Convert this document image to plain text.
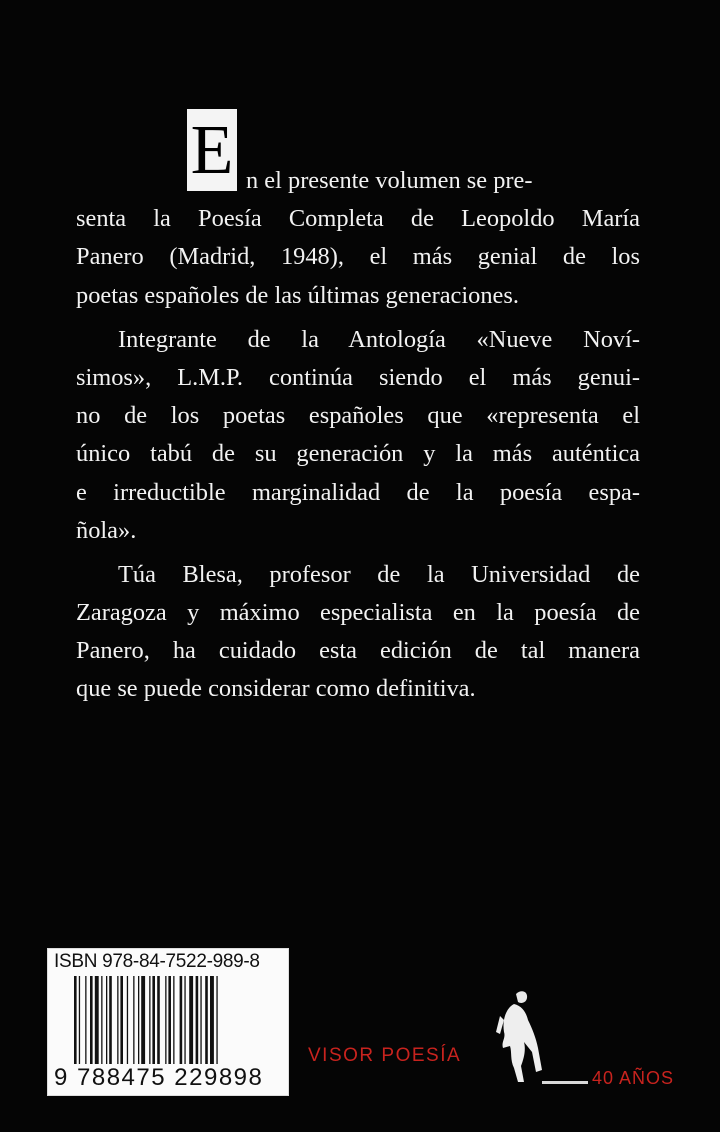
E n el presente volumen se pre-
senta la Poesía Completa de Leopoldo María
Panero (Madrid, 1948), el más genial de los
poetas españoles de las últimas generaciones.
Integrante de la Antología «Nueve Noví-
simos», L.M.P. continúa siendo el más genui-
no de los poetas españoles que «representa el
único tabú de su generación y la más auténtica
e irreductible marginalidad de la poesía espa-
ñola».
Túa Blesa, profesor de la Universidad de
Zaragoza y máximo especialista en la poesía de
Panero, ha cuidado esta edición de tal manera
que se puede considerar como definitiva.
ISBN 978-84-7522-989-8
9 788475 229898
VISOR POESÍA
40 AÑOS
